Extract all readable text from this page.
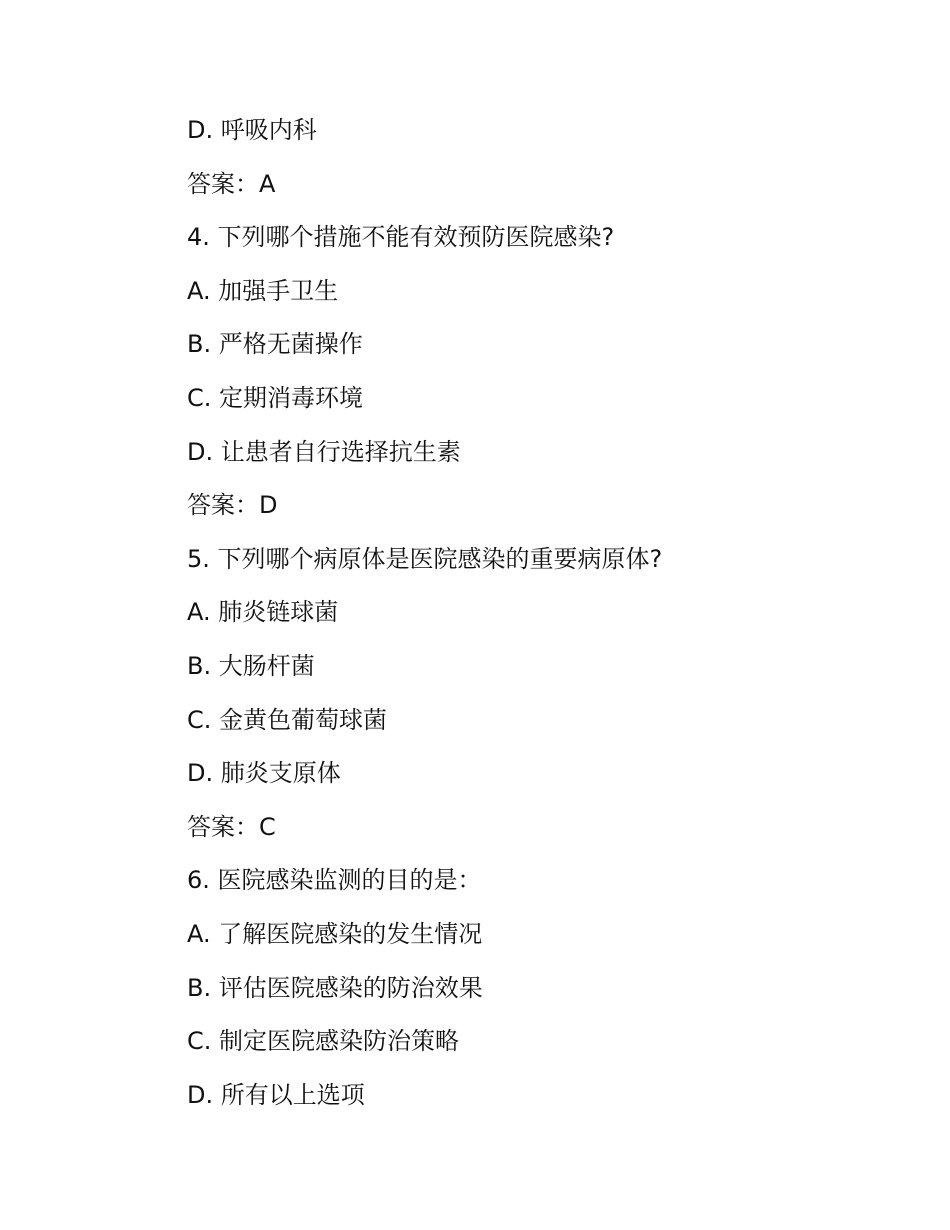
D. 呼吸内科
答案：A
4. 下列哪个措施不能有效预防医院感染?
A. 加强手卫生
B. 严格无菌操作
C. 定期消毒环境
D. 让患者自行选择抗生素
答案：D
5. 下列哪个病原体是医院感染的重要病原体?
A. 肺炎链球菌
B. 大肠杆菌
C. 金黄色葡萄球菌
D. 肺炎支原体
答案：C
6. 医院感染监测的目的是：
A. 了解医院感染的发生情况
B. 评估医院感染的防治效果
C. 制定医院感染防治策略
D. 所有以上选项
